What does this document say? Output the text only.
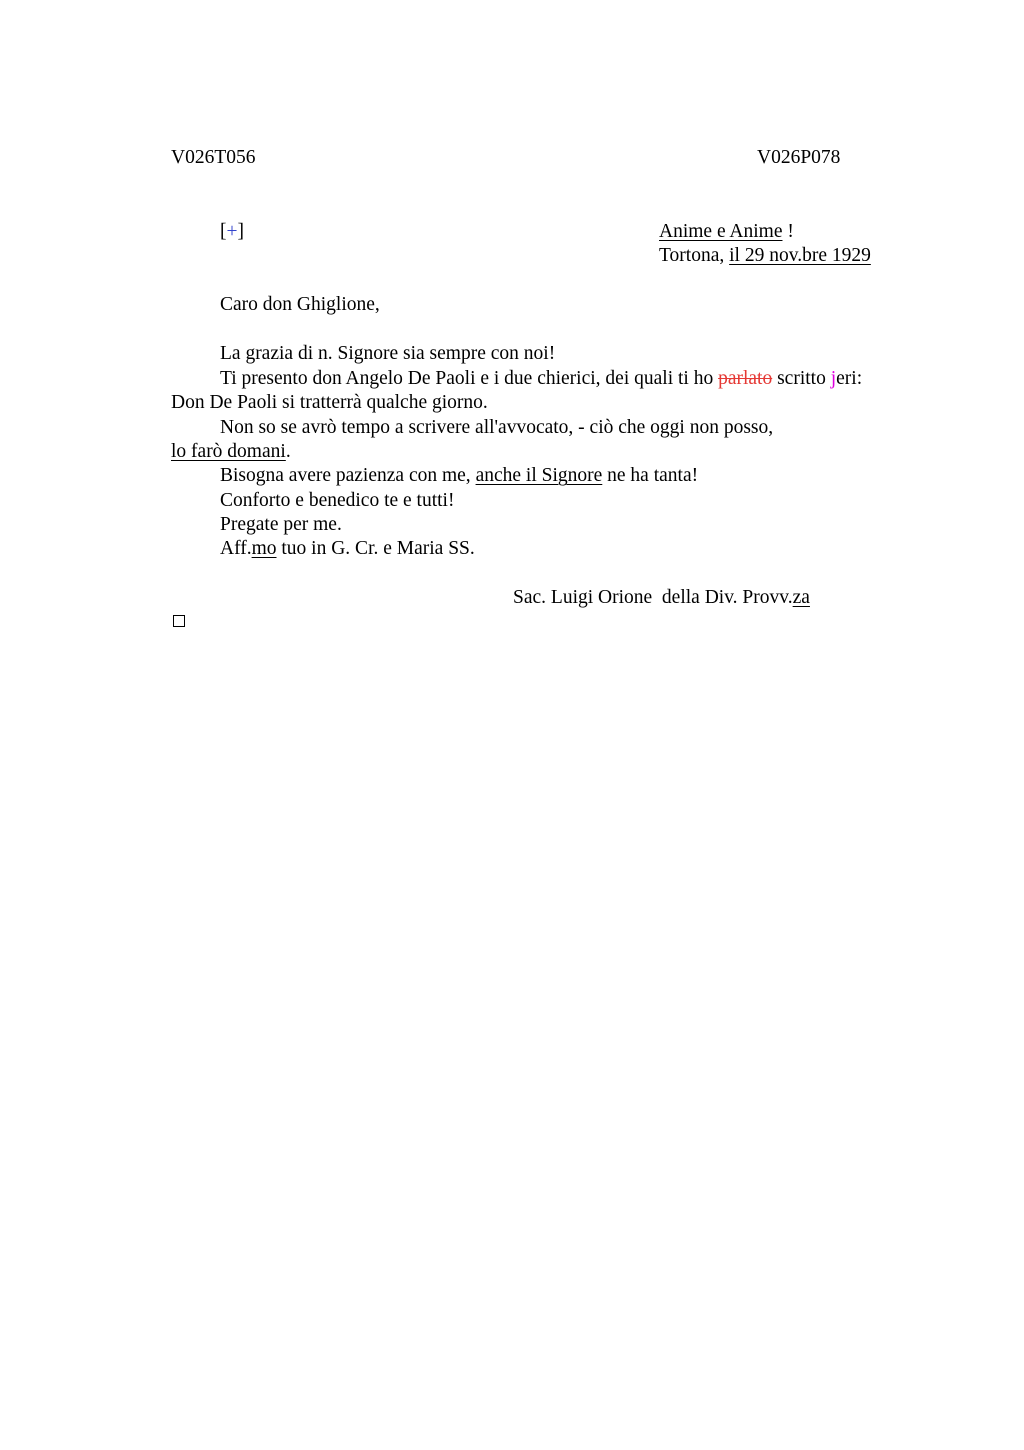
V026T056	V026P078
[+]	Anime e Anime !
Tortona, il 29 nov.bre 1929
Caro don Ghiglione,
La grazia di n. Signore sia sempre con noi!
Ti presento don Angelo De Paoli e i due chierici, dei quali ti ho parlato scritto jeri:
Don De Paoli si tratterrà qualche giorno.
Non so se avrò tempo a scrivere all'avvocato, - ciò che oggi non posso,
lo farò domani.
Bisogna avere pazienza con me, anche il Signore ne ha tanta!
Conforto e benedico te e tutti!
Pregate per me.
Aff.mo tuo in G. Cr. e Maria SS.
Sac. Luigi Orione  della Div. Provv.za
